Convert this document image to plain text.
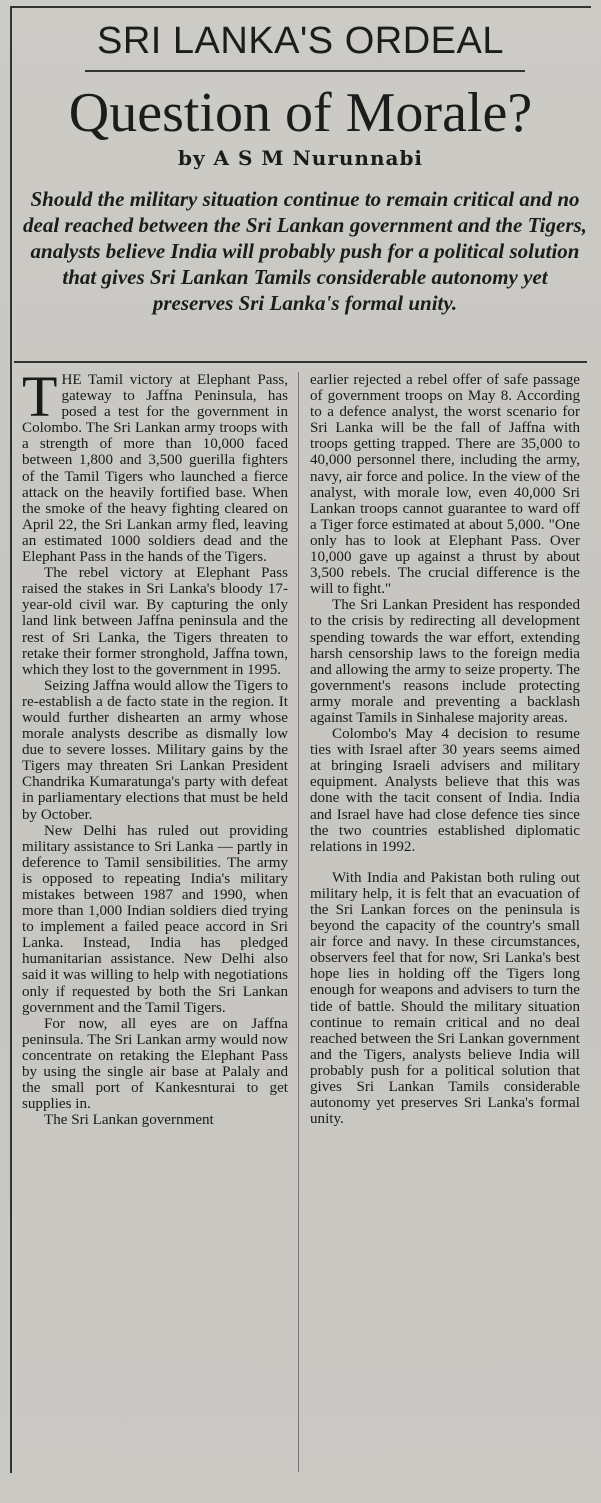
SRI LANKA'S ORDEAL
Question of Morale?
by A S M Nurunnabi
Should the military situation continue to remain critical and no deal reached between the Sri Lankan government and the Tigers, analysts believe India will probably push for a political solution that gives Sri Lankan Tamils considerable autonomy yet preserves Sri Lanka's formal unity.

THE Tamil victory at Elephant Pass, gateway to Jaffna Peninsula, has posed a test for the government in Colombo. The Sri Lankan army troops with a strength of more than 10,000 faced between 1,800 and 3,500 guerilla fighters of the Tamil Tigers who launched a fierce attack on the heavily fortified base. When the smoke of the heavy fighting cleared on April 22, the Sri Lankan army fled, leaving an estimated 1000 soldiers dead and the Elephant Pass in the hands of the Tigers.

The rebel victory at Elephant Pass raised the stakes in Sri Lanka's bloody 17-year-old civil war. By capturing the only land link between Jaffna peninsula and the rest of Sri Lanka, the Tigers threaten to retake their former stronghold, Jaffna town, which they lost to the government in 1995.

Seizing Jaffna would allow the Tigers to re-establish a de facto state in the region. It would further dishearten an army whose morale analysts describe as dismally low due to severe losses. Military gains by the Tigers may threaten Sri Lankan President Chandrika Kumaratunga's party with defeat in parliamentary elections that must be held by October.

New Delhi has ruled out providing military assistance to Sri Lanka — partly in deference to Tamil sensibilities. The army is opposed to repeating India's military mistakes between 1987 and 1990, when more than 1,000 Indian soldiers died trying to implement a failed peace accord in Sri Lanka. Instead, India has pledged humanitarian assistance. New Delhi also said it was willing to help with negotiations only if requested by both the Sri Lankan government and the Tamil Tigers.

For now, all eyes are on Jaffna peninsula. The Sri Lankan army would now concentrate on retaking the Elephant Pass by using the single air base at Palaly and the small port of Kankesnturai to get supplies in.

The Sri Lankan government

earlier rejected a rebel offer of safe passage of government troops on May 8. According to a defence analyst, the worst scenario for Sri Lanka will be the fall of Jaffna with troops getting trapped. There are 35,000 to 40,000 personnel there, including the army, navy, air force and police. In the view of the analyst, with morale low, even 40,000 Sri Lankan troops cannot guarantee to ward off a Tiger force estimated at about 5,000. "One only has to look at Elephant Pass. Over 10,000 gave up against a thrust by about 3,500 rebels. The crucial difference is the will to fight."

The Sri Lankan President has responded to the crisis by redirecting all development spending towards the war effort, extending harsh censorship laws to the foreign media and allowing the army to seize property. The government's reasons include protecting army morale and preventing a backlash against Tamils in Sinhalese majority areas.

Colombo's May 4 decision to resume ties with Israel after 30 years seems aimed at bringing Israeli advisers and military equipment. Analysts believe that this was done with the tacit consent of India. India and Israel have had close defence ties since the two countries established diplomatic relations in 1992.

With India and Pakistan both ruling out military help, it is felt that an evacuation of the Sri Lankan forces on the peninsula is beyond the capacity of the country's small air force and navy. In these circumstances, observers feel that for now, Sri Lanka's best hope lies in holding off the Tigers long enough for weapons and advisers to turn the tide of battle. Should the military situation continue to remain critical and no deal reached between the Sri Lankan government and the Tigers, analysts believe India will probably push for a political solution that gives Sri Lankan Tamils considerable autonomy yet preserves Sri Lanka's formal unity.
